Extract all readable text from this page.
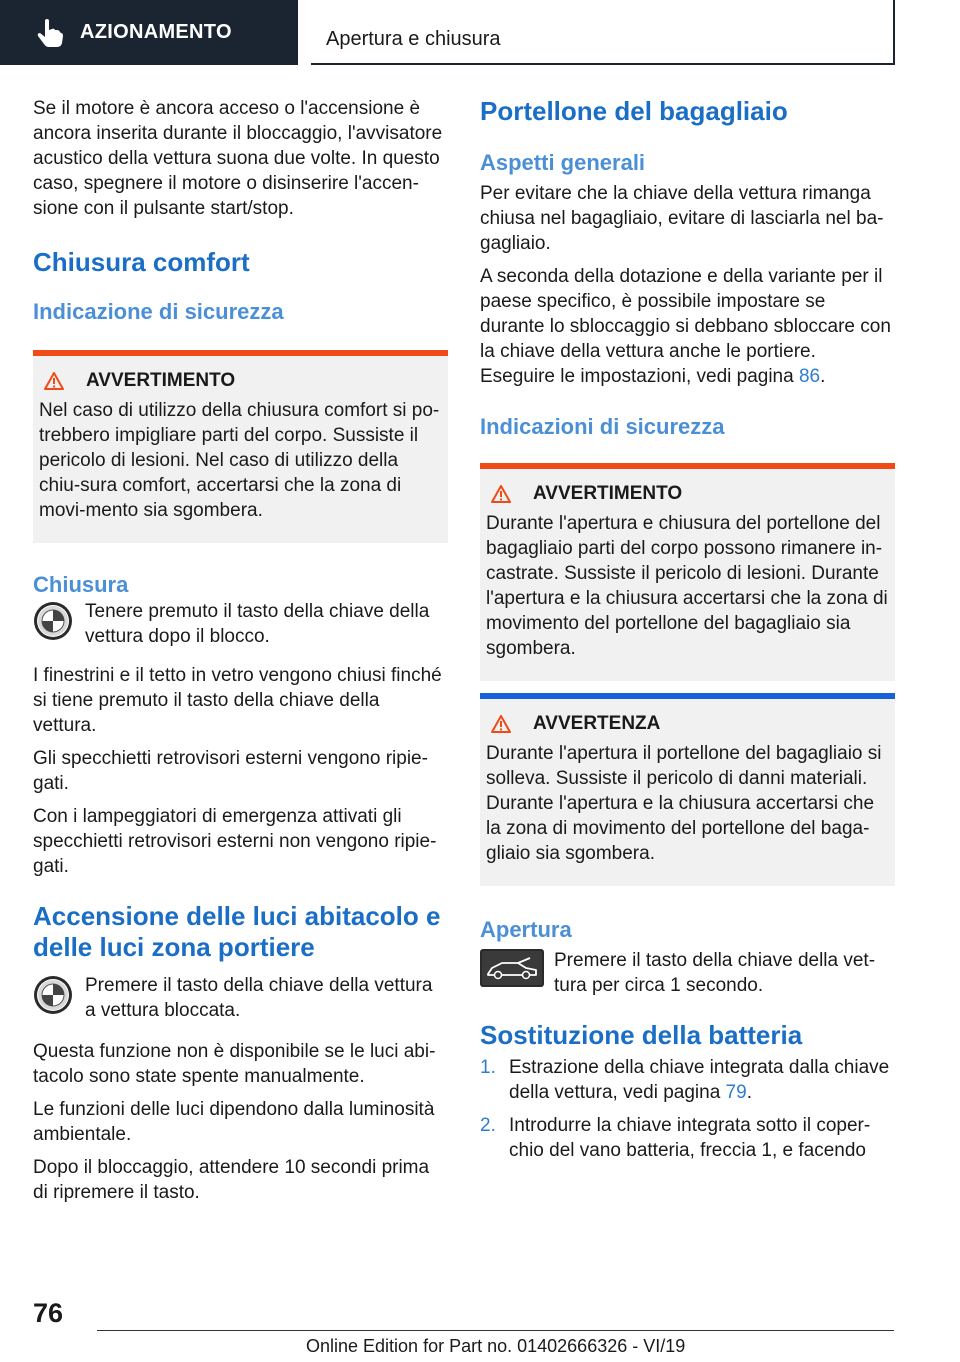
AZIONAMENTO	Apertura e chiusura

Se il motore è ancora acceso o l'accensione è ancora inserita durante il bloccaggio, l'avvisatore acustico della vettura suona due volte. In questo caso, spegnere il motore o disinserire l'accen-sione con il pulsante start/stop.

Chiusura comfort
Indicazione di sicurezza
AVVERTIMENTO

Nel caso di utilizzo della chiusura comfort si po-trebbero impigliare parti del corpo. Sussiste il pericolo di lesioni. Nel caso di utilizzo della chiu-sura comfort, accertarsi che la zona di movi-mento sia sgombera.

Chiusura

Tenere premuto il tasto della chiave della vettura dopo il blocco.

I finestrini e il tetto in vetro vengono chiusi finché si tiene premuto il tasto della chiave della vettura.

Gli specchietti retrovisori esterni vengono ripie-gati.

Con i lampeggiatori di emergenza attivati gli specchietti retrovisori esterni non vengono ripie-gati.

Accensione delle luci abitacolo e delle luci zona portiere

Premere il tasto della chiave della vettura a vettura bloccata.

Questa funzione non è disponibile se le luci abi-tacolo sono state spente manualmente.

Le funzioni delle luci dipendono dalla luminosità ambientale.

Dopo il bloccaggio, attendere 10 secondi prima di ripremere il tasto.

Portellone del bagagliaio
Aspetti generali

Per evitare che la chiave della vettura rimanga chiusa nel bagagliaio, evitare di lasciarla nel ba-gagliaio.

A seconda della dotazione e della variante per il paese specifico, è possibile impostare se durante lo sbloccaggio si debbano sbloccare con la chiave della vettura anche le portiere. Eseguire le impostazioni, vedi pagina 86.

Indicazioni di sicurezza
AVVERTIMENTO

Durante l'apertura e chiusura del portellone del bagagliaio parti del corpo possono rimanere in-castrate. Sussiste il pericolo di lesioni. Durante l'apertura e la chiusura accertarsi che la zona di movimento del portellone del bagagliaio sia sgombera.

AVVERTENZA

Durante l'apertura il portellone del bagagliaio si solleva. Sussiste il pericolo di danni materiali. Durante l'apertura e la chiusura accertarsi che la zona di movimento del portellone del baga-gliaio sia sgombera.

Apertura

Premere il tasto della chiave della vet-tura per circa 1 secondo.

Sostituzione della batteria
1. Estrazione della chiave integrata dalla chiave della vettura, vedi pagina 79.
2. Introdurre la chiave integrata sotto il coper-chio del vano batteria, freccia 1, e facendo
76
Online Edition for Part no. 01402666326 - VI/19
